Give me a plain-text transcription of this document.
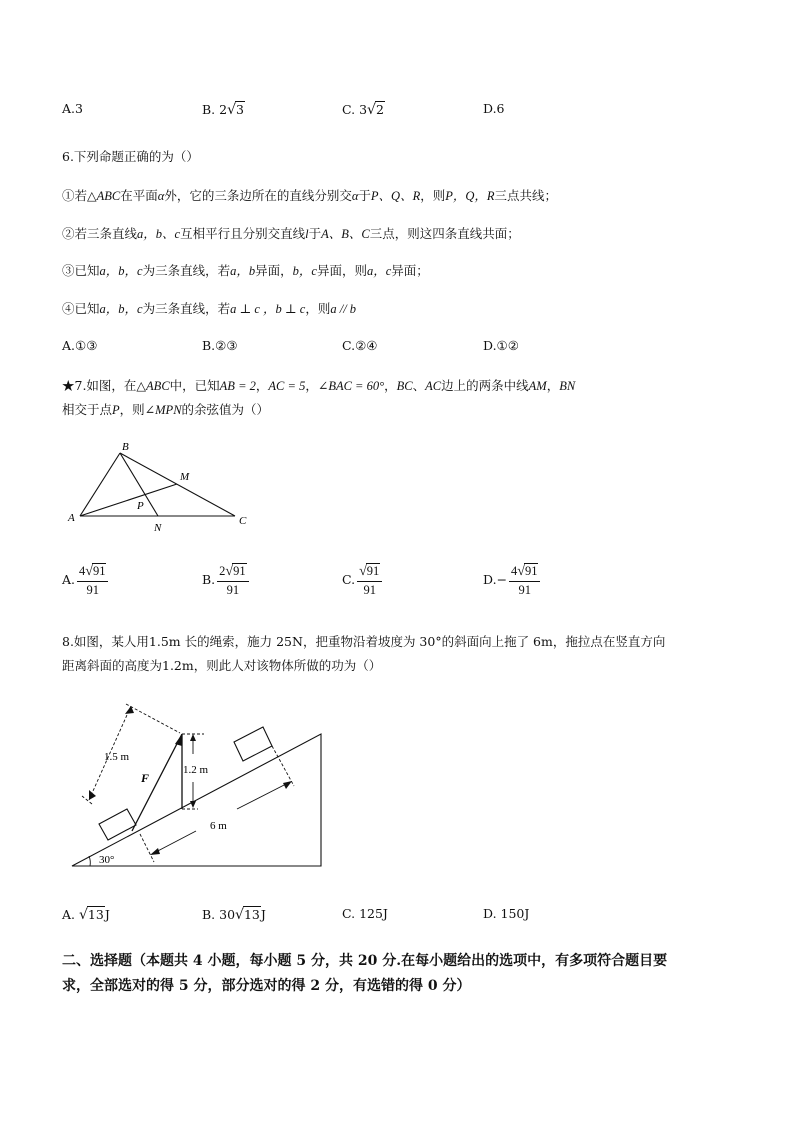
A.3	B. 2√3	C. 3√2	D.6
6.下列命题正确的为（）
①若△ABC在平面α外，它的三条边所在的直线分别交α于P、Q、R，则P，Q，R三点共线；
②若三条直线a，b、c互相平行且分别交直线l于A、B、C三点，则这四条直线共面；
③已知a，b，c为三条直线，若a，b异面，b，c异面，则a，c异面；
④已知a，b，c为三条直线，若a ⊥ c ，b ⊥ c，则a // b
A.①③	B.②③	C.②④	D.①②
★7.如图，在△ABC中，已知AB = 2，AC = 5，∠BAC = 60°，BC、AC边上的两条中线AM，BN
相交于点P，则∠MPN的余弦值为（）
B
A	C
M
N
P
A. $\frac{4√91}{91}$	B. $\frac{2√91}{91}$	C. $\frac{√91}{91}$	$D.- \frac{4√91}{91}$
8.如图，某人用1.5m 长的绳索，施力 25N，把重物沿着坡度为 30°的斜面向上拖了 6m，拖拉点在竖直方向
距离斜面的高度为1.2m，则此人对该物体所做的功为（）
1.5 m
F
1.2 m
6 m
30°
A. √13J	B. 30√13J	C. 125J	D. 150J
二、选择题（本题共 4 小题，每小题 5 分，共 20 分.在每小题给出的选项中，有多项符合题目要
求，全部选对的得 5 分，部分选对的得 2 分，有选错的得 0 分）
